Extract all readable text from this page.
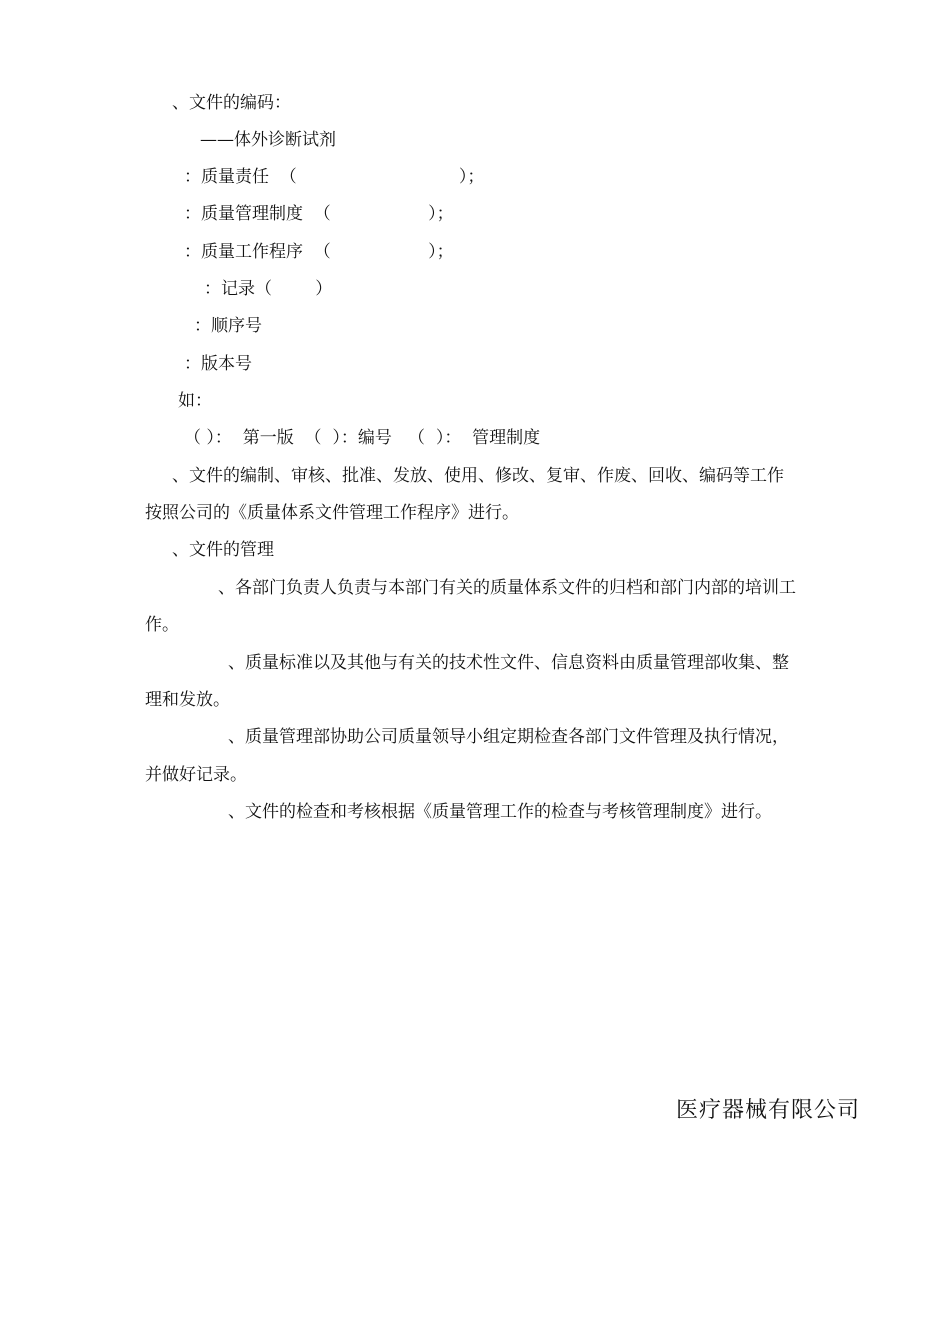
、文件的编码：
——体外诊断试剂
：质量责任  （                              ）；
：质量管理制度  （                  ）；
：质量工作程序  （                  ）；
：记录（        ）
：顺序号
：版本号
如：
（ ）：  第一版  （  ）：编号   （  ）：  管理制度
、文件的编制、审核、批准、发放、使用、修改、复审、作废、回收、编码等工作
按照公司的《质量体系文件管理工作程序》进行。
、文件的管理
、各部门负责人负责与本部门有关的质量体系文件的归档和部门内部的培训工
作。
、质量标准以及其他与有关的技术性文件、信息资料由质量管理部收集、整
理和发放。
、质量管理部协助公司质量领导小组定期检查各部门文件管理及执行情况，
并做好记录。
、文件的检查和考核根据《质量管理工作的检查与考核管理制度》进行。
医疗器械有限公司
